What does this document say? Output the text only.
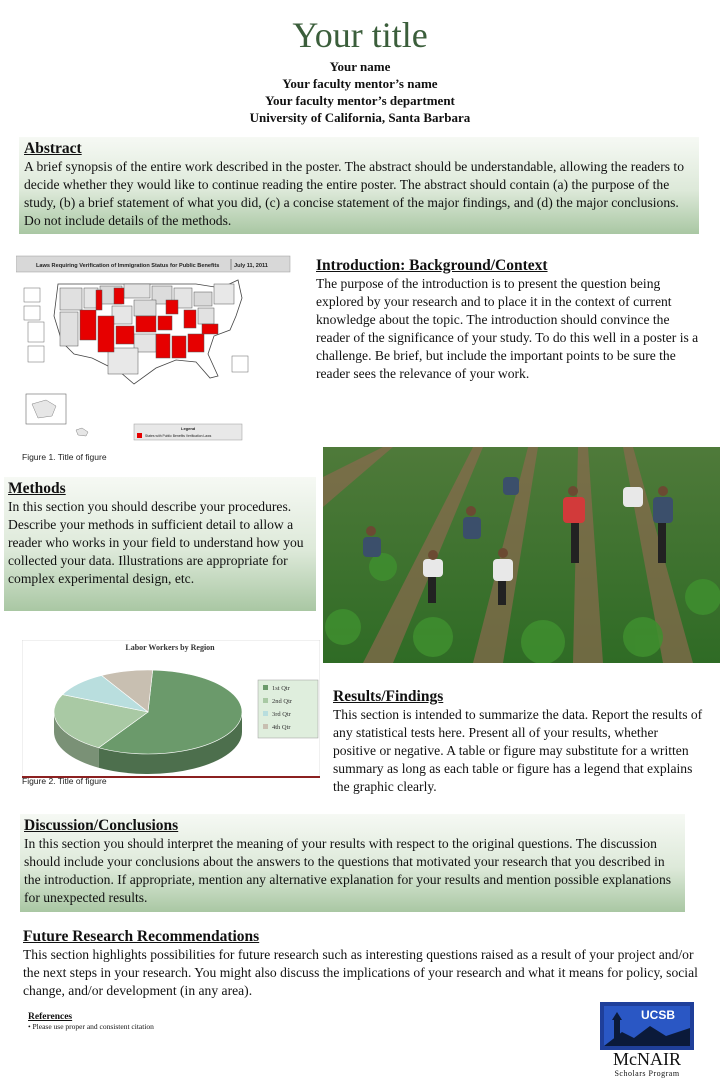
Your title
Your name
Your faculty mentor’s name
Your faculty mentor’s department
University of California, Santa Barbara
Abstract
A brief synopsis of the entire work described in the poster. The abstract should be understandable, allowing the readers to decide whether they would like to continue reading the entire poster. The abstract should contain (a) the purpose of the study, (b) a brief statement of what you did, (c) a concise statement of the major findings, and (d) the major conclusions. Do not include details of the methods.
Laws Requiring Verification of Immigration Status for Public Benefits	July 11, 2011
Legend
States with Public Benefits Verification Laws
Figure 1. Title of figure
Introduction: Background/Context
The purpose of the introduction is to present the question being explored by your research and to place it in the context of current knowledge about the topic. The introduction should convince the reader of the significance of your study. To do this well in a poster is a challenge. Be brief, but include the important points to be sure the reader sees the relevance of your work.
Methods
In this section you should describe your procedures. Describe your methods in sufficient detail to allow a reader who works in your field to understand how you collected your data. Illustrations are appropriate for complex experimental design, etc.
Labor Workers by Region
1st Qtr
2nd Qtr
3rd Qtr
4th Qtr
Figure 2. Title of figure
Results/Findings
This section is intended to summarize the data. Report the results of any statistical tests here. Present all of your results, whether positive or negative. A table or figure may substitute for a written summary as long as each table or figure has a legend that explains the graphic clearly.
Discussion/Conclusions
In this section you should interpret the meaning of your results with respect to the original questions. The discussion should include your conclusions about the answers to the questions that motivated your research that you described in the introduction. If appropriate, mention any alternative explanation for your results and mention possible explanations for unexpected results.
Future Research Recommendations
This section highlights possibilities for future research such as interesting questions raised as a result of your project and/or the next steps in your research. You might also discuss the implications of your research and what it means for policy, social change, and/or development (in any area).
References
• Please use proper and consistent citation
UCSB
McNAIR
Scholars Program
